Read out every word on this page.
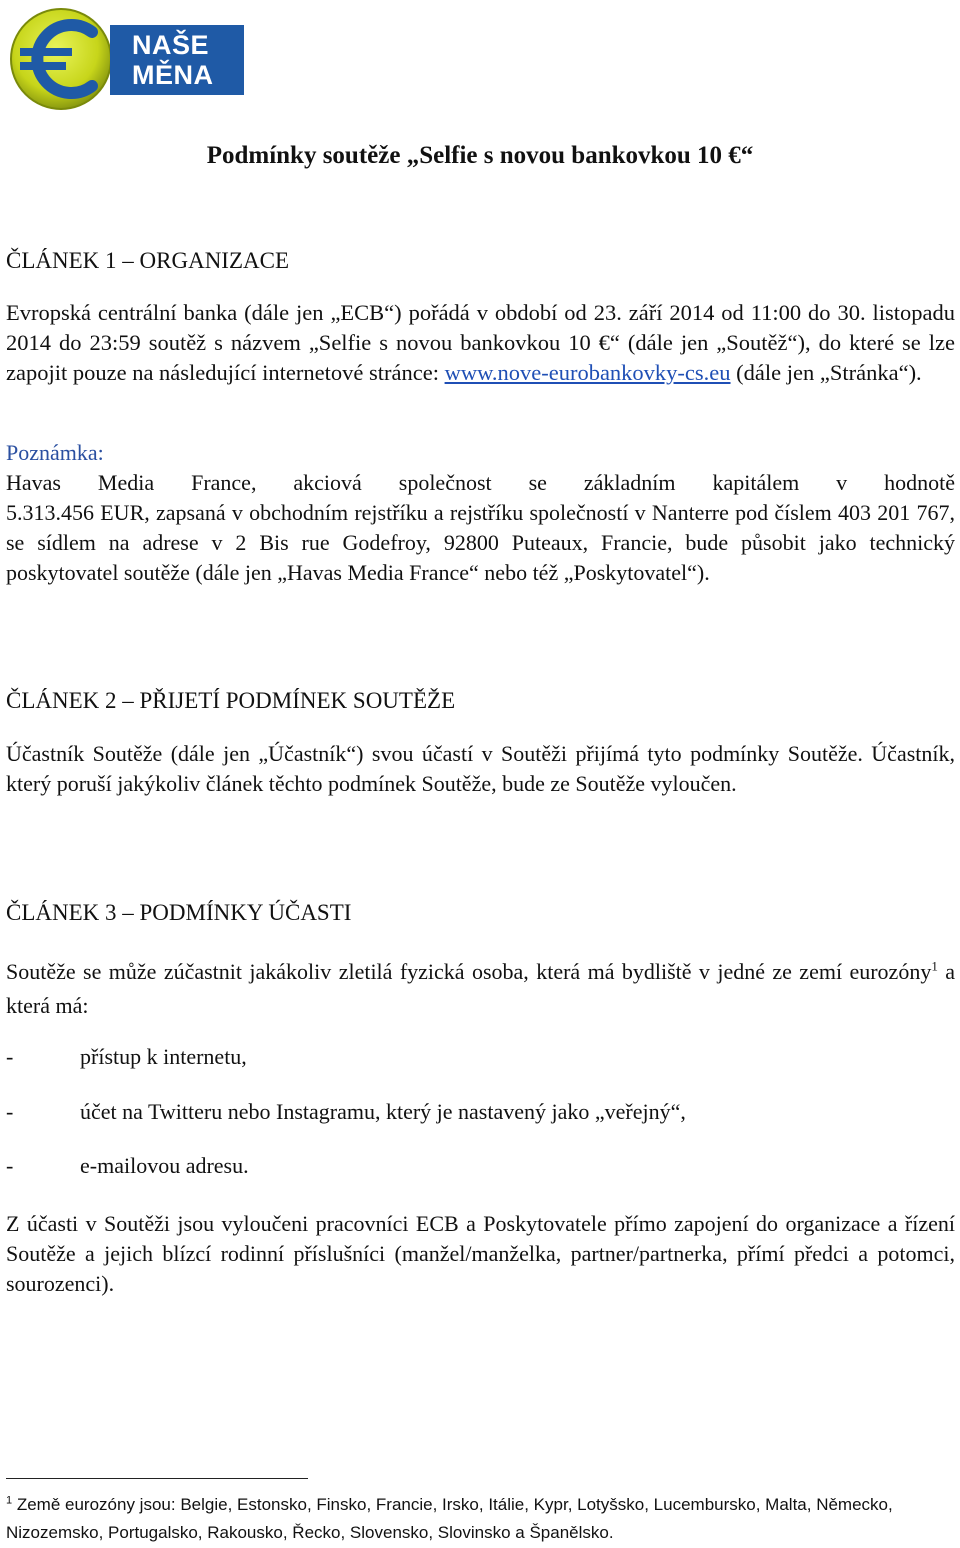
NAŠE
MĚNA
Podmínky soutěže „Selfie s novou bankovkou 10 €“
ČLÁNEK 1 – ORGANIZACE

Evropská centrální banka (dále jen „ECB“) pořádá v období od 23. září 2014 od 11:00 do 30. listopadu 2014 do 23:59 soutěž s názvem „Selfie s novou bankovkou 10 €“ (dále jen „Soutěž“), do které se lze zapojit pouze na následující internetové stránce: www.nove-eurobankovky-cs.eu (dále jen „Stránka“).

Poznámka:
Havas Media France, akciová společnost se základním kapitálem v hodnotě
5.313.456 EUR, zapsaná v obchodním rejstříku a rejstříku společností v Nanterre pod číslem 403 201 767, se sídlem na adrese v 2 Bis rue Godefroy, 92800 Puteaux, Francie, bude působit jako technický poskytovatel soutěže (dále jen „Havas Media France“ nebo též „Poskytovatel“).

ČLÁNEK 2 – PŘIJETÍ PODMÍNEK SOUTĚŽE

Účastník Soutěže (dále jen „Účastník“) svou účastí v Soutěži přijímá tyto podmínky Soutěže. Účastník, který poruší jakýkoliv článek těchto podmínek Soutěže, bude ze Soutěže vyloučen.

ČLÁNEK 3 – PODMÍNKY ÚČASTI

Soutěže se může zúčastnit jakákoliv zletilá fyzická osoba, která má bydliště v jedné ze zemí eurozóny$^1$ a která má:

-	přístup k internetu,

-	účet na Twitteru nebo Instagramu, který je nastavený jako „veřejný“,

-	e-mailovou adresu.

Z účasti v Soutěži jsou vyloučeni pracovníci ECB a Poskytovatele přímo zapojení do organizace a řízení Soutěže a jejich blízcí rodinní příslušníci (manžel/manželka, partner/partnerka, přímí předci a potomci, sourozenci).

$^1$ Země eurozóny jsou: Belgie, Estonsko, Finsko, Francie, Irsko, Itálie, Kypr, Lotyšsko, Lucembursko, Malta, Německo, Nizozemsko, Portugalsko, Rakousko, Řecko, Slovensko, Slovinsko a Španělsko.
